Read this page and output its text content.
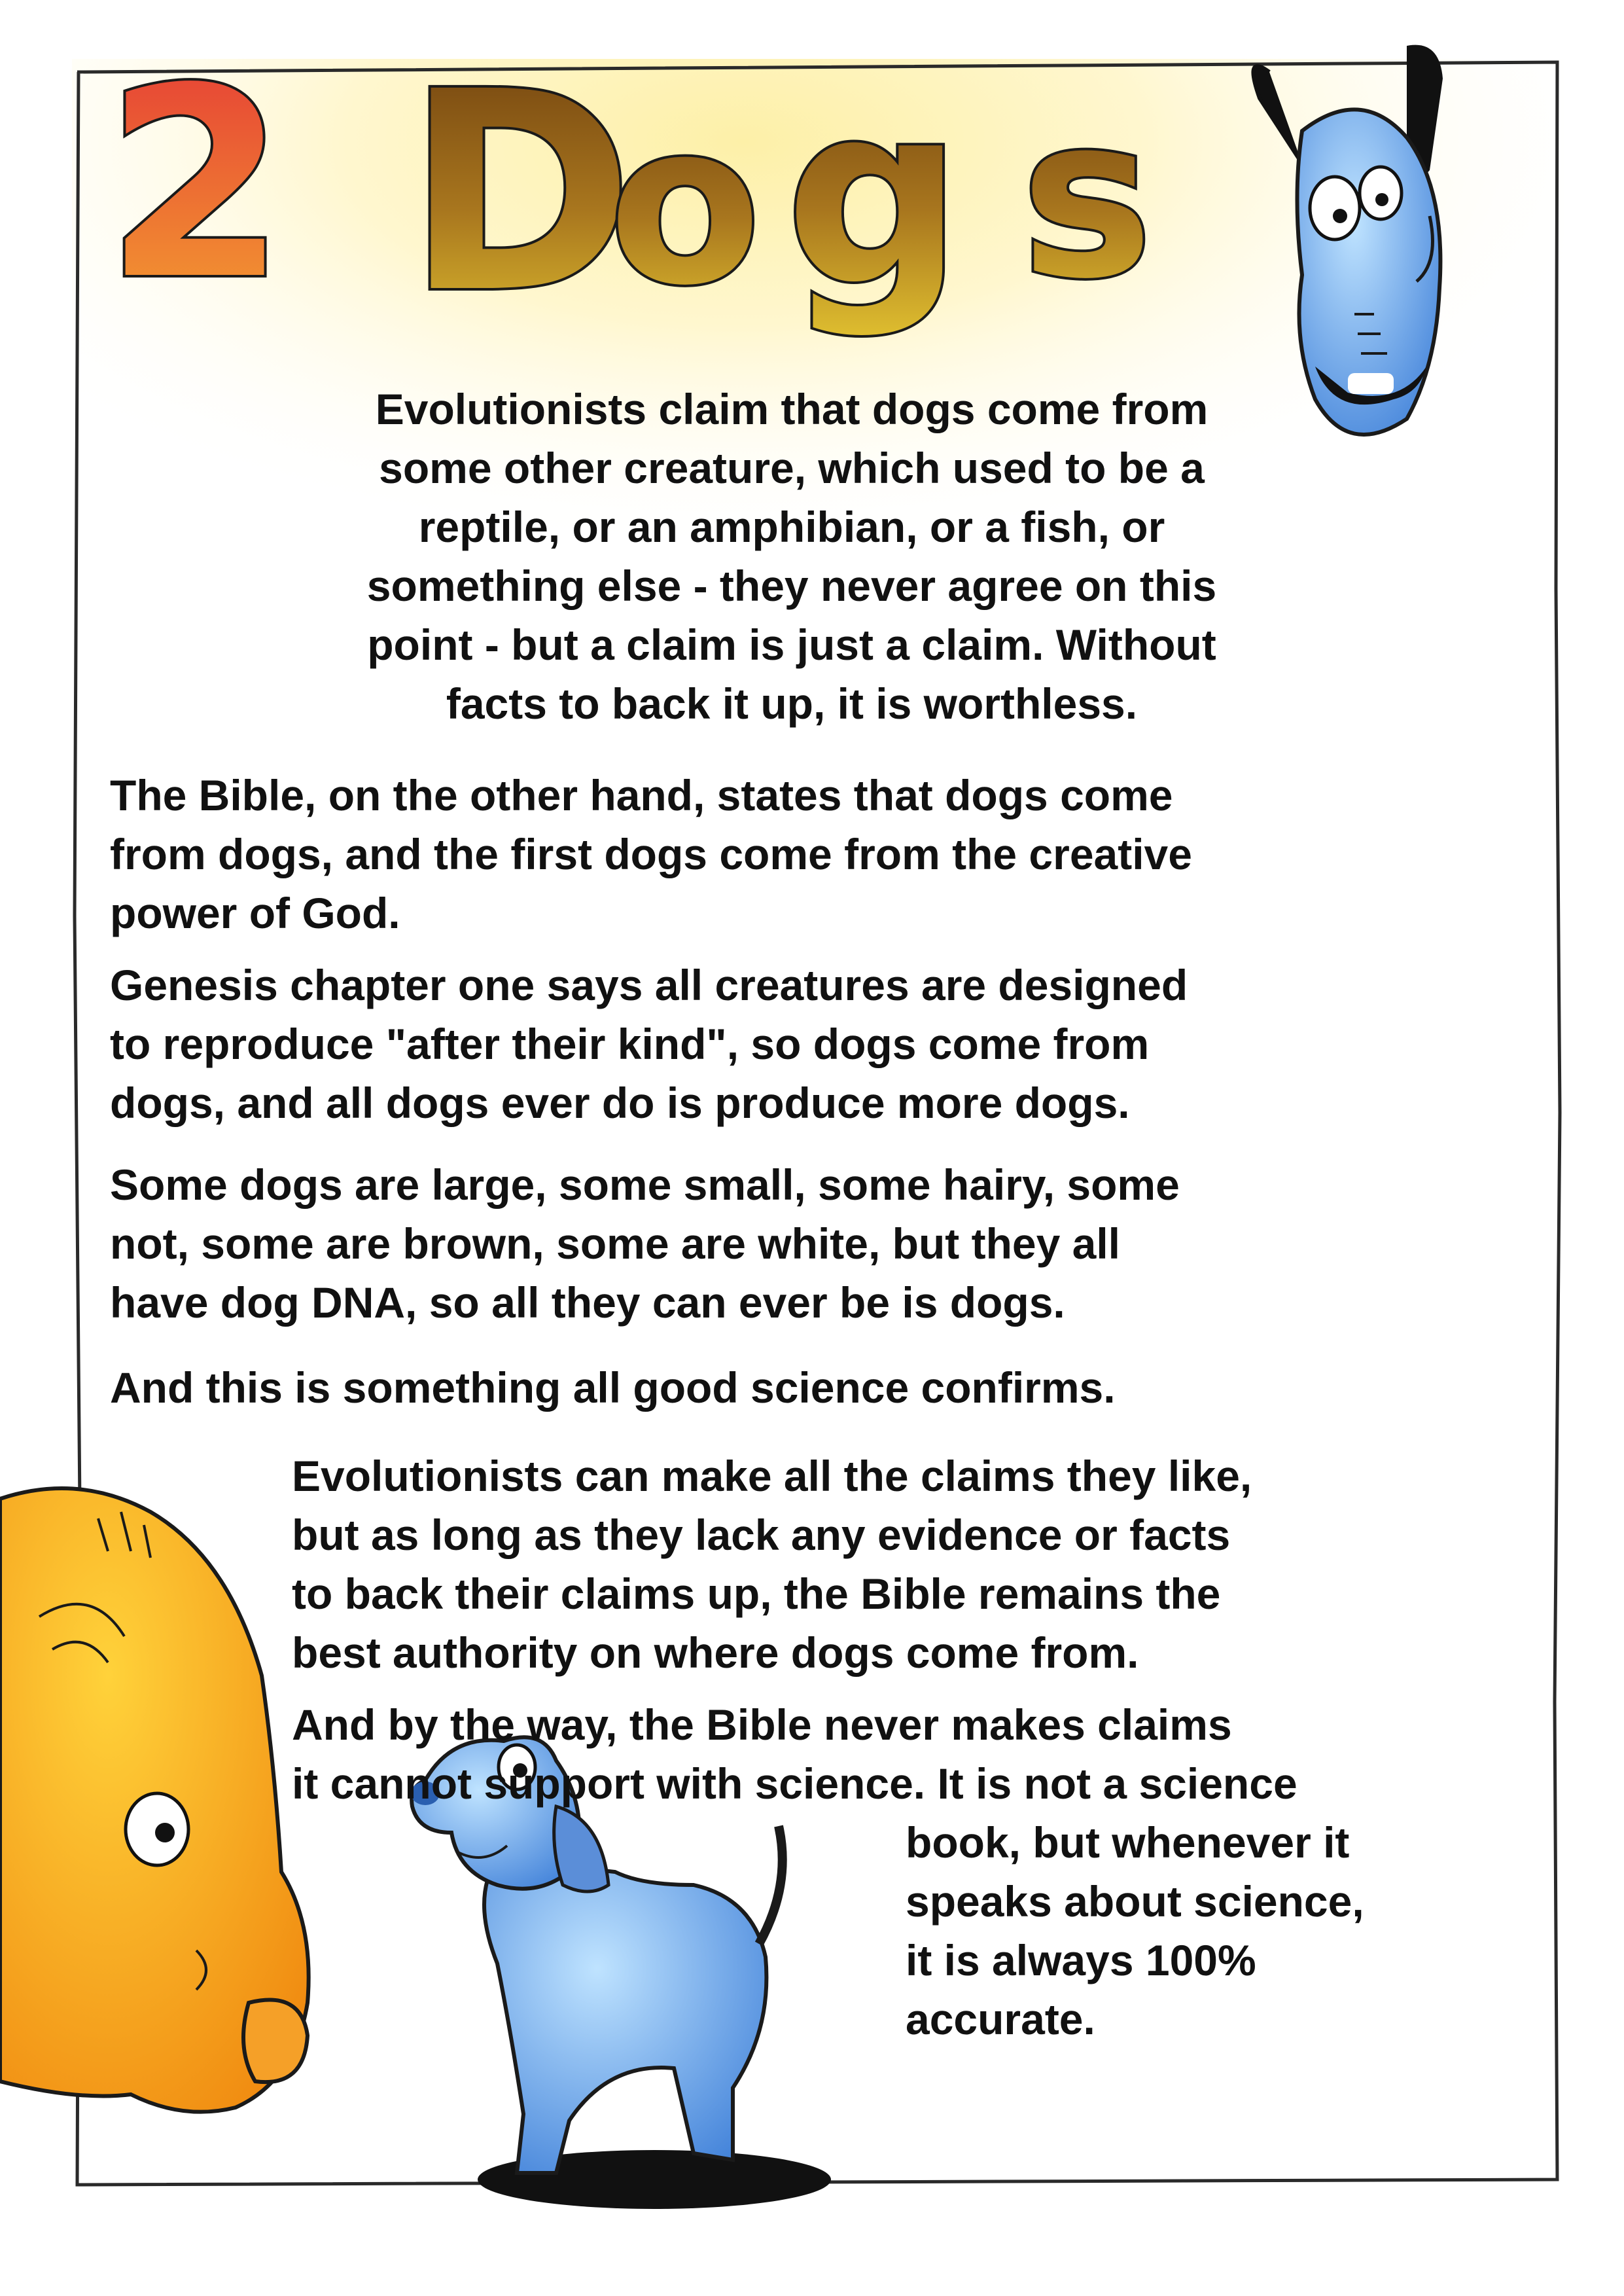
2 D
o g s

Evolutionists claim that dogs come from
some other creature, which used to be a
reptile, or an amphibian, or a fish, or
something else - they never agree on this
point - but a claim is just a claim. Without
facts to back it up, it is worthless.

The Bible, on the other hand, states that dogs come
from dogs, and the first dogs come from the creative
power of God.

Genesis chapter one says all creatures are designed
to reproduce "after their kind", so dogs come from
dogs, and all dogs ever do is produce more dogs.

Some dogs are large, some small, some hairy, some
not, some are brown, some are white, but they all
have dog DNA, so all they can ever be is dogs.

And this is something all good science confirms.

Evolutionists can make all the claims they like,
but as long as they lack any evidence or facts
to back their claims up, the Bible remains the
best authority on where dogs come from.

And by the way, the Bible never makes claims
it cannot support with science. It is not a science

book, but whenever it
speaks about science,
it is always 100%
accurate.
